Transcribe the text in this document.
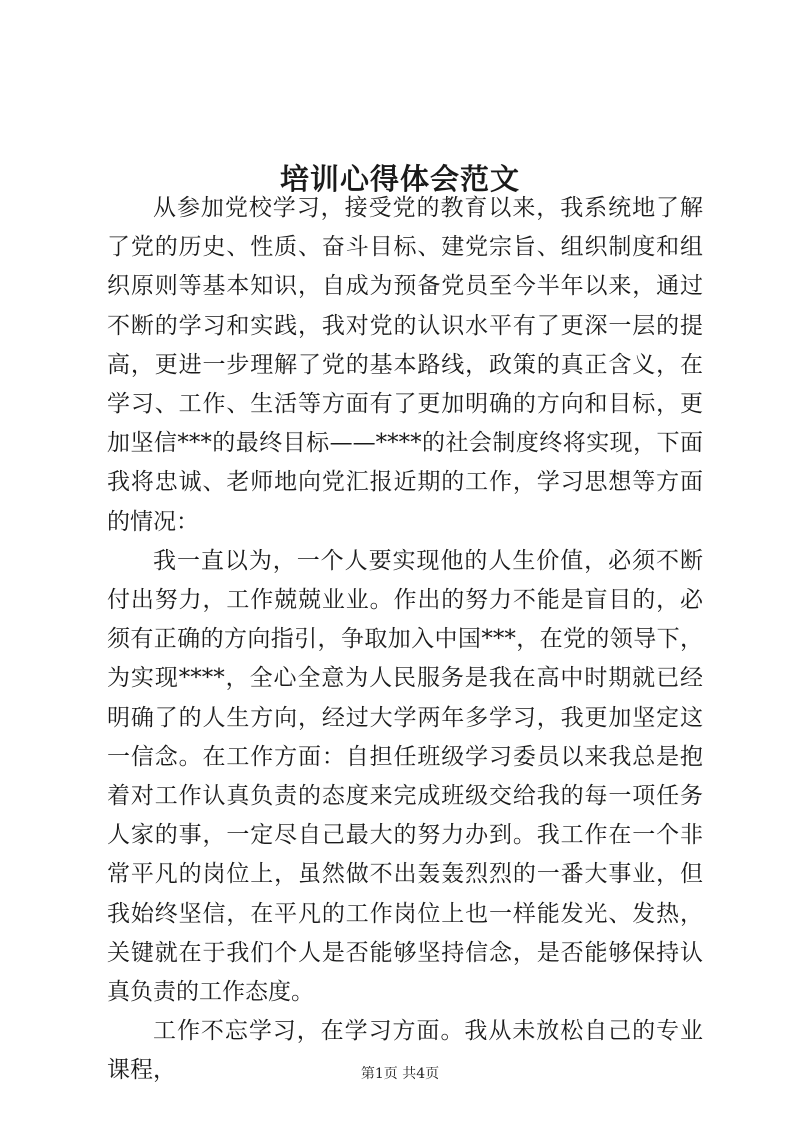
培训心得体会范文

从参加党校学习，接受党的教育以来，我系统地了解了党的历史、性质、奋斗目标、建党宗旨、组织制度和组织原则等基本知识，自成为预备党员至今半年以来，通过不断的学习和实践，我对党的认识水平有了更深一层的提高，更进一步理解了党的基本路线，政策的真正含义，在学习、工作、生活等方面有了更加明确的方向和目标，更加坚信***的最终目标——****的社会制度终将实现，下面我将忠诚、老师地向党汇报近期的工作，学习思想等方面的情况：

我一直以为，一个人要实现他的人生价值，必须不断付出努力，工作兢兢业业。作出的努力不能是盲目的，必须有正确的方向指引，争取加入中国***，在党的领导下，为实现****，全心全意为人民服务是我在高中时期就已经明确了的人生方向，经过大学两年多学习，我更加坚定这一信念。在工作方面：自担任班级学习委员以来我总是抱着对工作认真负责的态度来完成班级交给我的每一项任务人家的事，一定尽自己最大的努力办到。我工作在一个非常平凡的岗位上，虽然做不出轰轰烈烈的一番大事业，但我始终坚信，在平凡的工作岗位上也一样能发光、发热，关键就在于我们个人是否能够坚持信念，是否能够保持认真负责的工作态度。

工作不忘学习，在学习方面。我从未放松自己的专业课程，	第1页 共4页
